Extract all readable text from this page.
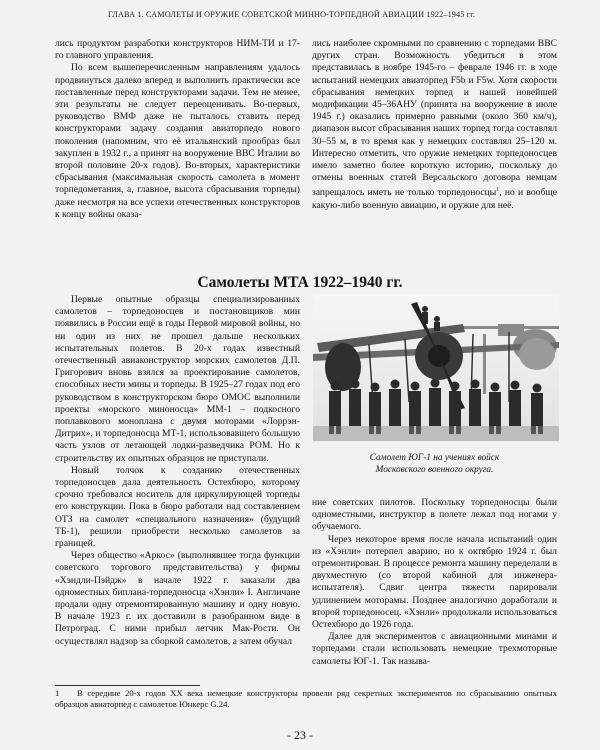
ГЛАВА 1. САМОЛЕТЫ И ОРУЖИЕ СОВЕТСКОЙ МИННО-ТОРПЕДНОЙ АВИАЦИИ 1922–1945 гг.

лись продуктом разработки конструкторов НИМ-ТИ и 17-го главного управления.

По всем вышеперечисленным направлениям удалось продвинуться далеко вперед и выполнить практически все поставленные перед конструкторами задачи. Тем не менее, эти результаты не следует переоценивать. Во-первых, руководство ВМФ даже не пыталось ставить перед конструкторами задачу создания авиаторпедо нового поколения (напомним, что её итальянский прообраз был закуплен в 1932 г., а принят на вооружение ВВС Италии во второй половине 20-х годов). Во-вторых, характеристики сбрасывания (максимальная скорость самолета в момент торпедометания, а, главное, высота сбрасывания торпеды) даже несмотря на все успехи отечественных конструкторов к концу войны оказа-

лись наиболее скромными по сравнению с торпедами ВВС других стран. Возможность убедиться в этом представилась в ноябре 1945-го – феврале 1946 гг. в ходе испытаний немецких авиаторпед F5b и F5w. Хотя скорости сбрасывания немецких торпед и нашей новейшей модификации 45–36АНУ (принята на вооружение в июле 1945 г.) оказались примерно равными (около 360 км/ч), диапазон высот сбрасывания наших торпед тогда составлял 30–55 м, в то время как у немецких составлял 25–120 м. Интересно отметить, что оружие немецких торпедоносцев имело заметно более короткую историю, поскольку до отмены военных статей Версальского договора немцам запрещалось иметь не только торпедоносцы$^1$, но и вообще какую-либо военную авиацию, и оружие для неё.

Самолеты МТА 1922–1940 гг.

Первые опытные образцы специализированных самолетов – торпедоносцев и постановщиков мин появились в России ещё в годы Первой мировой войны, но ни один из них не прошел дальше нескольких испытательных полетов. В 20-х годах известный отечественный авиаконструктор морских самолетов Д.П. Григорович вновь взялся за проектирование самолетов, способных нести мины и торпеды. В 1925–27 годах под его руководством в конструкторском бюро ОМОС выполнили проекты «морского миноносца» ММ-1 – подкосного поплавкового моноплана с двумя моторами «Лоррэн-Дитрих», и торпедоносца МТ-1, использовавшего большую часть узлов от летающей лодки-разведчика РОМ. Но к строительству их опытных образцов не приступали.

Новый толчок к созданию отечественных торпедоносцев дала деятельность Остехбюро, которому срочно требовался носитель для циркулирующей торпеды его конструкции. Пока в бюро работали над составлением ОТЗ на самолет «специального назначения» (будущий ТБ-1), решили приобрести несколько самолетов за границей.

Через общество «Аркос» (выполнявшее тогда функции советского торгового представительства) у фирмы «Хэндли-Пэйдж» в начале 1922 г. заказали два одноместных биплана-торпедоносца «Хэнли» I. Англичане продали одну отремонтированную машину и одну новую. В начале 1923 г. их доставили в разобранном виде в Петроград. С ними прибыл летчик Мак-Рости. Он осуществлял надзор за сборкой самолетов, а затем обучал

Самолет ЮГ-1 на учениях войск
Московского военного округа.

ние советских пилотов. Поскольку торпедоносцы были одноместными, инструктор в полете лежал под ногами у обучаемого.

Через некоторое время после начала испытаний один из «Хэнли» потерпел аварию, но к октябрю 1924 г. был отремонтирован. В процессе ремонта машину переделали в двухместную (со второй кабиной для инженера-испытателя). Сдвиг центра тяжести парировали удлинением моторамы. Позднее аналогично доработали и второй торпедоносец. «Хэнли» продолжали использоваться Остехбюро до 1926 года.

Далее для экспериментов с авиационными минами и торпедами стали использовать немецкие трехмоторные самолеты ЮГ-1. Так называ-

1 В середине 20-х годов XX века немецкие конструкторы провели ряд секретных экспериментов по сбрасыванию опытных образцов авиаторпед с самолетов Юнкерс G.24.
- 23 -
